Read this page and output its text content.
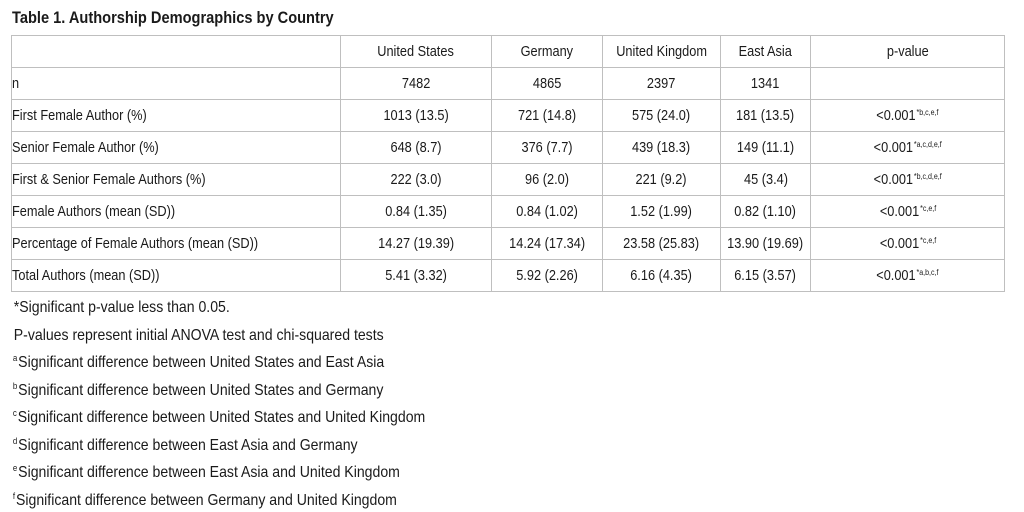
Table 1. Authorship Demographics by Country
	United States	Germany	United Kingdom	East Asia	p-value
n	7482	4865	2397	1341	
First Female Author (%)	1013 (13.5)	721 (14.8)	575 (24.0)	181 (13.5)	$<0.001^{*b,c,e,f}$
Senior Female Author (%)	648 (8.7)	376 (7.7)	439 (18.3)	149 (11.1)	$<0.001^{*a,c,d,e,f}$
First & Senior Female Authors (%)	222 (3.0)	96 (2.0)	221 (9.2)	45 (3.4)	$<0.001^{*b,c,d,e,f}$
Female Authors (mean (SD))	0.84 (1.35)	0.84 (1.02)	1.52 (1.99)	0.82 (1.10)	$<0.001^{*c,e,f}$
Percentage of Female Authors (mean (SD))	14.27 (19.39)	14.24 (17.34)	23.58 (25.83)	13.90 (19.69)	$<0.001^{*c,e,f}$
Total Authors (mean (SD))	5.41 (3.32)	5.92 (2.26)	6.16 (4.35)	6.15 (3.57)	$<0.001^{*a,b,c,f}$
*Significant p-value less than 0.05.
P-values represent initial ANOVA test and chi-squared tests
$^a$Significant difference between United States and East Asia
$^b$Significant difference between United States and Germany
$^c$Significant difference between United States and United Kingdom
$^d$Significant difference between East Asia and Germany
$^e$Significant difference between East Asia and United Kingdom
$^f$Significant difference between Germany and United Kingdom
